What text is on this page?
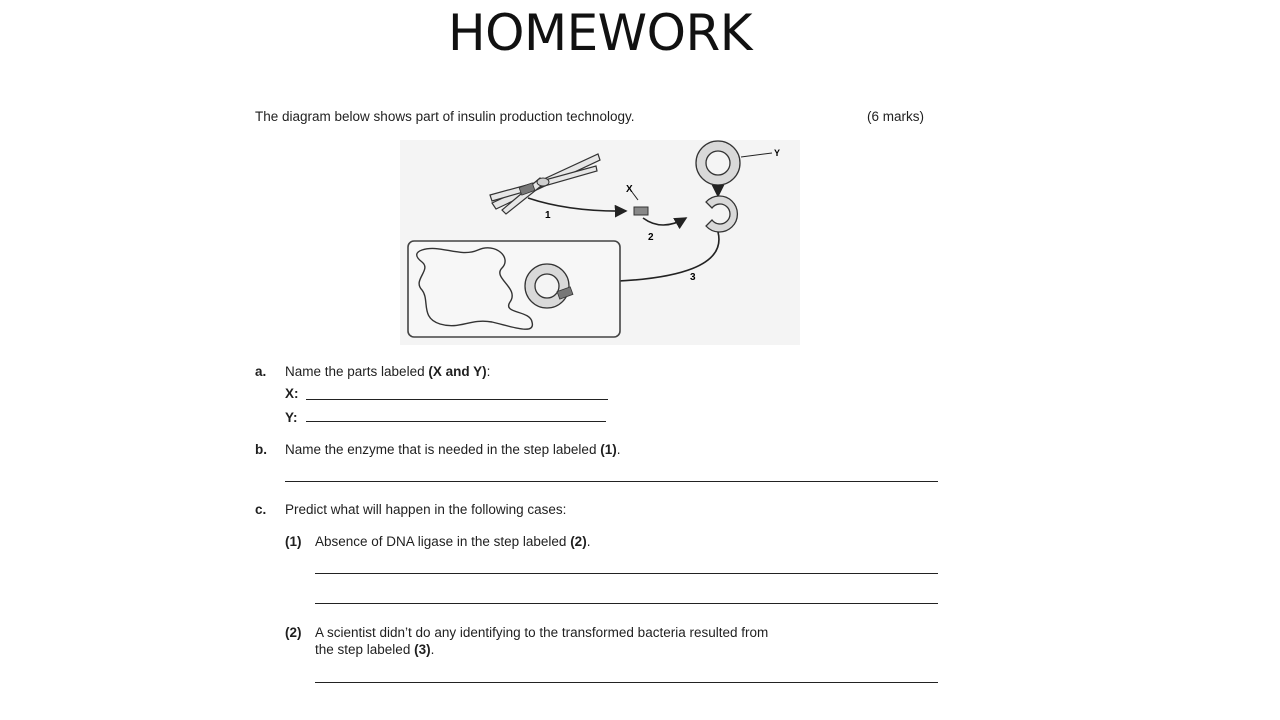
HOMEWORK
The diagram below shows part of insulin production technology.	(6 marks)
1
X
2
Y
3
a. Name the parts labeled (X and Y):
X:
Y:
b. Name the enzyme that is needed in the step labeled (1).
c. Predict what will happen in the following cases:
(1) Absence of DNA ligase in the step labeled (2).
(2) A scientist didn’t do any identifying to the transformed bacteria resulted from
the step labeled (3).
